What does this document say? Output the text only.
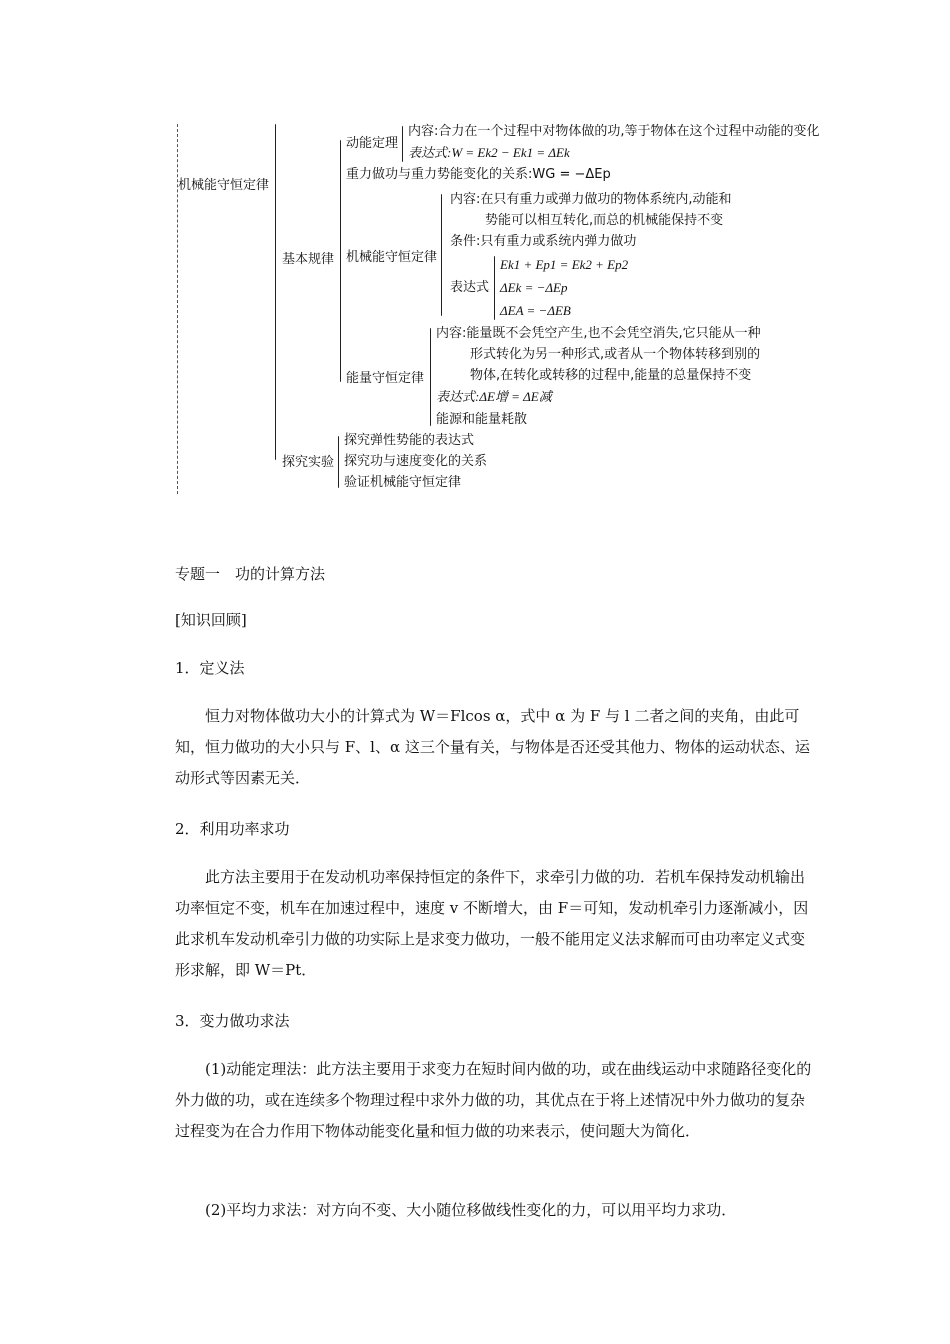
机械能守恒定律
基本规律
动能定理
内容:合力在一个过程中对物体做的功,等于物体在这个过程中动能的变化
表达式:W = Ek2 − Ek1 = ΔEk
重力做功与重力势能变化的关系:WG = −ΔEp
机械能守恒定律
内容:在只有重力或弹力做功的物体系统内,动能和
势能可以相互转化,而总的机械能保持不变
条件:只有重力或系统内弹力做功
表达式
Ek1 + Ep1 = Ek2 + Ep2
ΔEk = −ΔEp
ΔEA = −ΔEB
能量守恒定律
内容:能量既不会凭空产生,也不会凭空消失,它只能从一种
形式转化为另一种形式,或者从一个物体转移到别的
物体,在转化或转移的过程中,能量的总量保持不变
表达式:ΔE增 = ΔE减
能源和能量耗散
探究实验
探究弹性势能的表达式
探究功与速度变化的关系
验证机械能守恒定律
专题一　功的计算方法
[知识回顾]
1．定义法
恒力对物体做功大小的计算式为 W＝Flcos α，式中 α 为 F 与 l 二者之间的夹角，由此可知，恒力做功的大小只与 F、l、α 这三个量有关，与物体是否还受其他力、物体的运动状态、运动形式等因素无关．
2．利用功率求功
此方法主要用于在发动机功率保持恒定的条件下，求牵引力做的功．若机车保持发动机输出功率恒定不变，机车在加速过程中，速度 v 不断增大，由 F＝可知，发动机牵引力逐渐减小，因此求机车发动机牵引力做的功实际上是求变力做功，一般不能用定义法求解而可由功率定义式变形求解，即 W＝Pt．
3．变力做功求法
(1)动能定理法：此方法主要用于求变力在短时间内做的功，或在曲线运动中求随路径变化的外力做的功，或在连续多个物理过程中求外力做的功，其优点在于将上述情况中外力做功的复杂过程变为在合力作用下物体动能变化量和恒力做的功来表示，使问题大为简化．
(2)平均力求法：对方向不变、大小随位移做线性变化的力，可以用平均力求功．
